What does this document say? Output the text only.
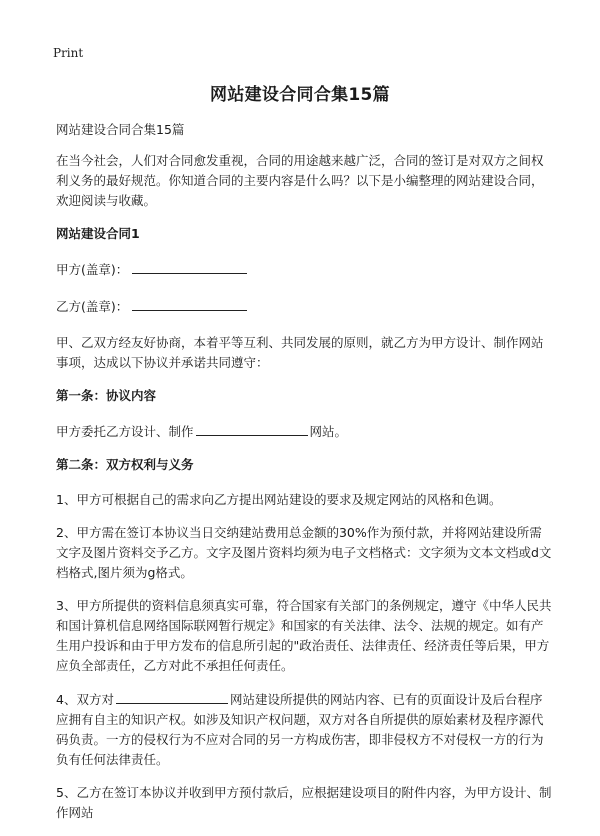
Print
网站建设合同合集15篇

网站建设合同合集15篇

在当今社会，人们对合同愈发重视，合同的用途越来越广泛，合同的签订是对双方之间权利义务的最好规范。你知道合同的主要内容是什么吗？以下是小编整理的网站建设合同，欢迎阅读与收藏。

网站建设合同1

甲方(盖章)：

乙方(盖章)：

甲、乙双方经友好协商，本着平等互利、共同发展的原则，就乙方为甲方设计、制作网站事项，达成以下协议并承诺共同遵守：

第一条：协议内容

甲方委托乙方设计、制作	网站。

第二条：双方权利与义务

1、甲方可根据自己的需求向乙方提出网站建设的要求及规定网站的风格和色调。

2、甲方需在签订本协议当日交纳建站费用总金额的30%作为预付款，并将网站建设所需文字及图片资料交予乙方。文字及图片资料均须为电子文档格式：文字须为文本文档或d文档格式,图片须为g格式。

3、甲方所提供的资料信息须真实可靠，符合国家有关部门的条例规定，遵守《中华人民共和国计算机信息网络国际联网暂行规定》和国家的有关法律、法令、法规的规定。如有产生用户投诉和由于甲方发布的信息所引起的"政治责任、法律责任、经济责任等后果，甲方应负全部责任，乙方对此不承担任何责任。

4、双方对	网站建设所提供的网站内容、已有的页面设计及后台程序应拥有自主的知识产权。如涉及知识产权问题，双方对各自所提供的原始素材及程序源代码负责。一方的侵权行为不应对合同的另一方构成伤害，即非侵权方不对侵权一方的行为负有任何法律责任。

5、乙方在签订本协议并收到甲方预付款后，应根据建设项目的附件内容，为甲方设计、制作网站
